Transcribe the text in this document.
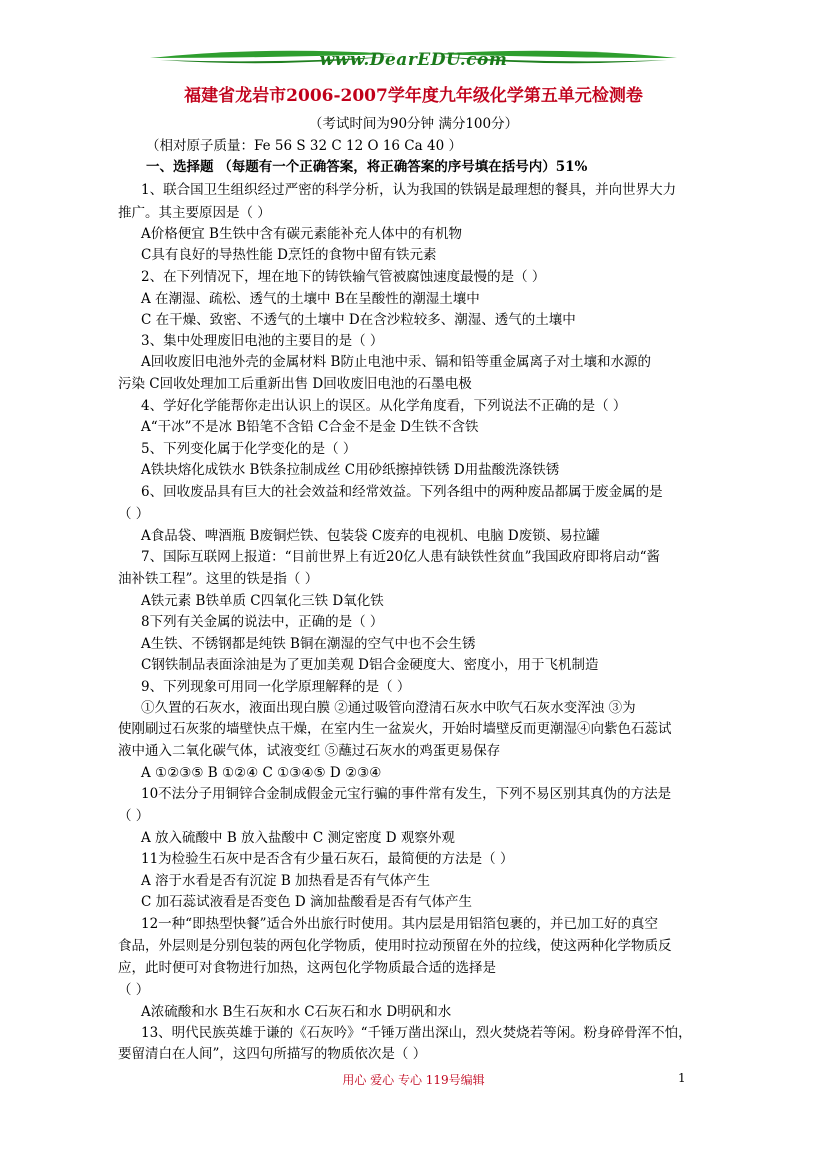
www.DearEDU.com
福建省龙岩市2006-2007学年度九年级化学第五单元检测卷
（考试时间为90分钟 满分100分）
（相对原子质量：Fe 56 S 32 C 12 O 16 Ca 40 ）
一、选择题 （每题有一个正确答案，将正确答案的序号填在括号内）51%
1、联合国卫生组织经过严密的科学分析，认为我国的铁锅是最理想的餐具，并向世界大力
推广。其主要原因是（ ）
A价格便宜 B生铁中含有碳元素能补充人体中的有机物
C具有良好的导热性能 D烹饪的食物中留有铁元素
2、在下列情况下，埋在地下的铸铁输气管被腐蚀速度最慢的是（ ）
A 在潮湿、疏松、透气的土壤中 B在呈酸性的潮湿土壤中
C 在干燥、致密、不透气的土壤中 D在含沙粒较多、潮湿、透气的土壤中
3、集中处理废旧电池的主要目的是（ ）
A回收废旧电池外壳的金属材料 B防止电池中汞、镉和铅等重金属离子对土壤和水源的
污染 C回收处理加工后重新出售 D回收废旧电池的石墨电极
4、学好化学能帮你走出认识上的误区。从化学角度看，下列说法不正确的是（ ）
A“干冰”不是冰 B铅笔不含铅 C合金不是金 D生铁不含铁
5、下列变化属于化学变化的是（ ）
A铁块熔化成铁水 B铁条拉制成丝 C用砂纸擦掉铁锈 D用盐酸洗涤铁锈
6、回收废品具有巨大的社会效益和经常效益。下列各组中的两种废品都属于废金属的是
（ ）
A食品袋、啤酒瓶 B废铜烂铁、包装袋 C废弃的电视机、电脑 D废锁、易拉罐
7、国际互联网上报道：“目前世界上有近20亿人患有缺铁性贫血”我国政府即将启动“酱
油补铁工程”。这里的铁是指（ ）
A铁元素 B铁单质 C四氧化三铁 D氧化铁
8下列有关金属的说法中，正确的是（ ）
A生铁、不锈钢都是纯铁 B铜在潮湿的空气中也不会生锈
C钢铁制品表面涂油是为了更加美观 D铝合金硬度大、密度小，用于飞机制造
9、下列现象可用同一化学原理解释的是（ ）
①久置的石灰水，液面出现白膜 ②通过吸管向澄清石灰水中吹气石灰水变浑浊 ③为
使刚刷过石灰浆的墙壁快点干燥，在室内生一盆炭火，开始时墙壁反而更潮湿④向紫色石蕊试
液中通入二氧化碳气体，试液变红 ⑤蘸过石灰水的鸡蛋更易保存
A ①②③⑤ B ①②④ C ①③④⑤ D ②③④
10不法分子用铜锌合金制成假金元宝行骗的事件常有发生，下列不易区别其真伪的方法是
（ ）
A 放入硫酸中 B 放入盐酸中 C 测定密度 D 观察外观
11为检验生石灰中是否含有少量石灰石，最简便的方法是（ ）
A 溶于水看是否有沉淀 B 加热看是否有气体产生
C 加石蕊试液看是否变色 D 滴加盐酸看是否有气体产生
12一种“即热型快餐”适合外出旅行时使用。其内层是用铝箔包裹的，并已加工好的真空
食品，外层则是分别包装的两包化学物质，使用时拉动预留在外的拉线，使这两种化学物质反
应，此时便可对食物进行加热，这两包化学物质最合适的选择是
（ ）
A浓硫酸和水 B生石灰和水 C石灰石和水 D明矾和水
13、明代民族英雄于谦的《石灰吟》“千锤万凿出深山，烈火焚烧若等闲。粉身碎骨浑不怕，
要留清白在人间”，这四句所描写的物质依次是（ ）
用心 爱心 专心 119号编辑	1
